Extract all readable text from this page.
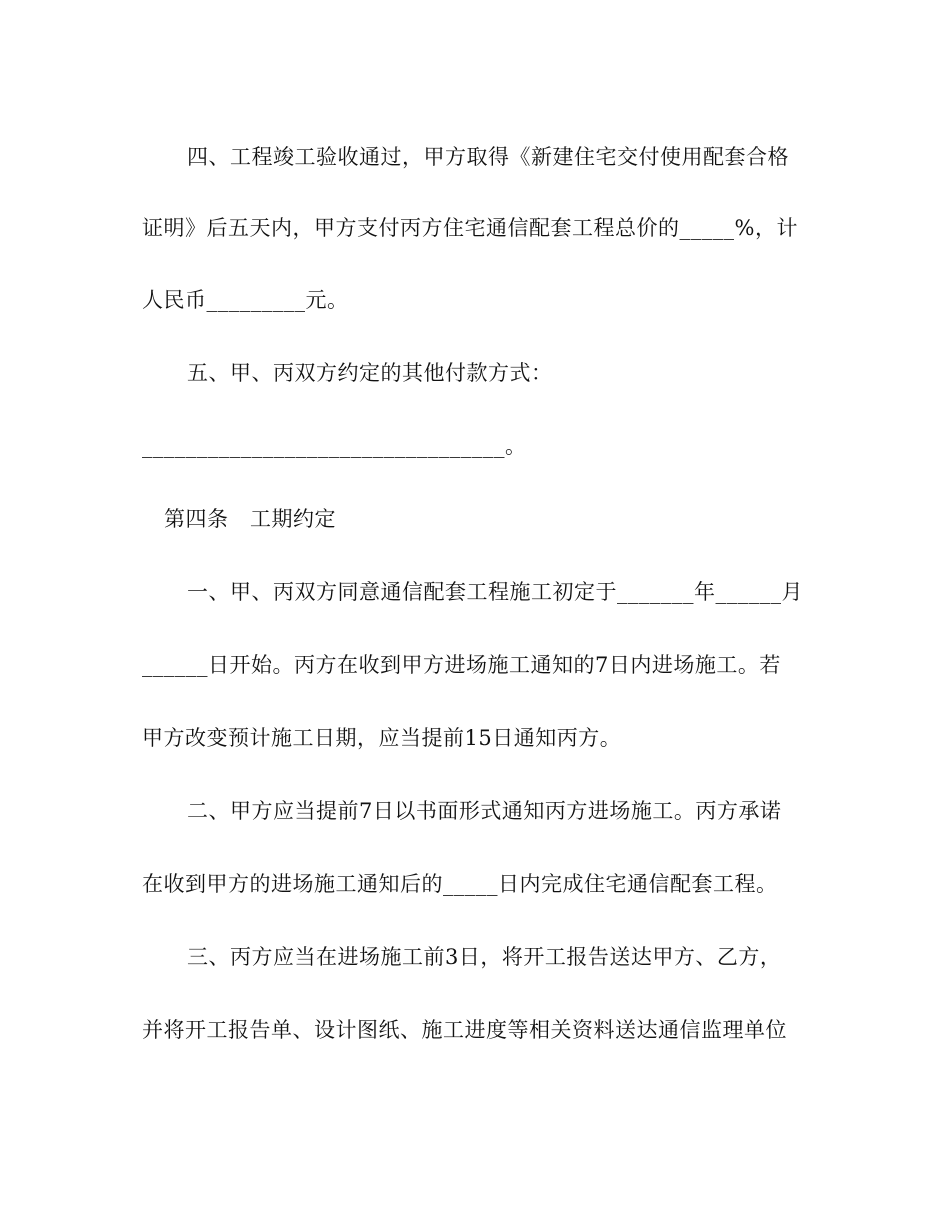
四、工程竣工验收通过，甲方取得《新建住宅交付使用配套合格
证明》后五天内，甲方支付丙方住宅通信配套工程总价的_____%，计
人民币_________元。
五、甲、丙双方约定的其他付款方式：
_________________________________。
第四条　工期约定
一、甲、丙双方同意通信配套工程施工初定于_______年______月
______日开始。丙方在收到甲方进场施工通知的7日内进场施工。若
甲方改变预计施工日期，应当提前15日通知丙方。
二、甲方应当提前7日以书面形式通知丙方进场施工。丙方承诺
在收到甲方的进场施工通知后的_____日内完成住宅通信配套工程。
三、丙方应当在进场施工前3日，将开工报告送达甲方、乙方，
并将开工报告单、设计图纸、施工进度等相关资料送达通信监理单位
